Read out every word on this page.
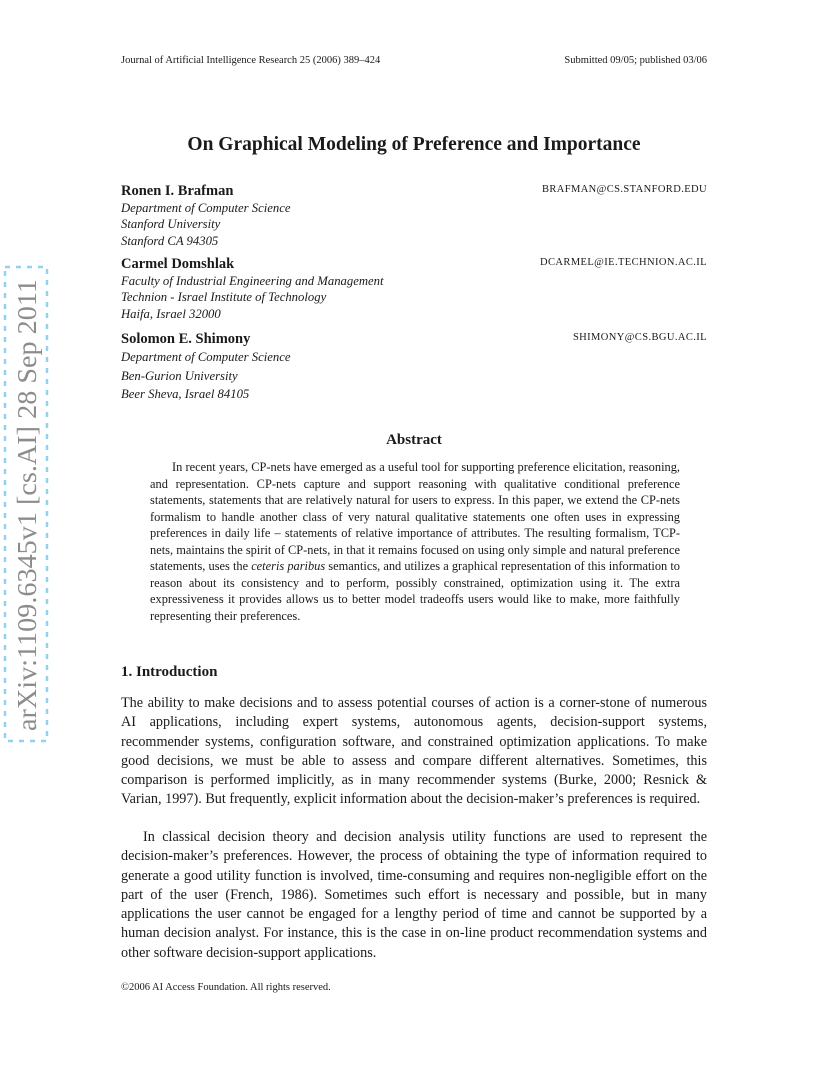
Journal of Artificial Intelligence Research 25 (2006) 389–424	Submitted 09/05; published 03/06
On Graphical Modeling of Preference and Importance
Ronen I. Brafman	BRAFMAN@CS.STANFORD.EDU
Department of Computer Science
Stanford University
Stanford CA 94305
Carmel Domshlak	DCARMEL@IE.TECHNION.AC.IL
Faculty of Industrial Engineering and Management
Technion - Israel Institute of Technology
Haifa, Israel 32000
Solomon E. Shimony	SHIMONY@CS.BGU.AC.IL
Department of Computer Science
Ben-Gurion University
Beer Sheva, Israel 84105
Abstract
In recent years, CP-nets have emerged as a useful tool for supporting preference elicitation, reasoning, and representation. CP-nets capture and support reasoning with qualitative conditional preference statements, statements that are relatively natural for users to express. In this paper, we extend the CP-nets formalism to handle another class of very natural qualitative statements one often uses in expressing preferences in daily life – statements of relative importance of attributes. The resulting formalism, TCP-nets, maintains the spirit of CP-nets, in that it remains focused on using only simple and natural preference statements, uses the ceteris paribus semantics, and utilizes a graphical representation of this information to reason about its consistency and to perform, possibly constrained, optimization using it. The extra expressiveness it provides allows us to better model tradeoffs users would like to make, more faithfully representing their preferences.
1. Introduction
The ability to make decisions and to assess potential courses of action is a corner-stone of numerous AI applications, including expert systems, autonomous agents, decision-support systems, recommender systems, configuration software, and constrained optimization applications. To make good decisions, we must be able to assess and compare different alternatives. Sometimes, this comparison is performed implicitly, as in many recommender systems (Burke, 2000; Resnick & Varian, 1997). But frequently, explicit information about the decision-maker’s preferences is required.
In classical decision theory and decision analysis utility functions are used to represent the decision-maker’s preferences. However, the process of obtaining the type of information required to generate a good utility function is involved, time-consuming and requires non-negligible effort on the part of the user (French, 1986). Sometimes such effort is necessary and possible, but in many applications the user cannot be engaged for a lengthy period of time and cannot be supported by a human decision analyst. For instance, this is the case in on-line product recommendation systems and other software decision-support applications.
©2006 AI Access Foundation. All rights reserved.
arXiv:1109.6345v1 [cs.AI] 28 Sep 2011
